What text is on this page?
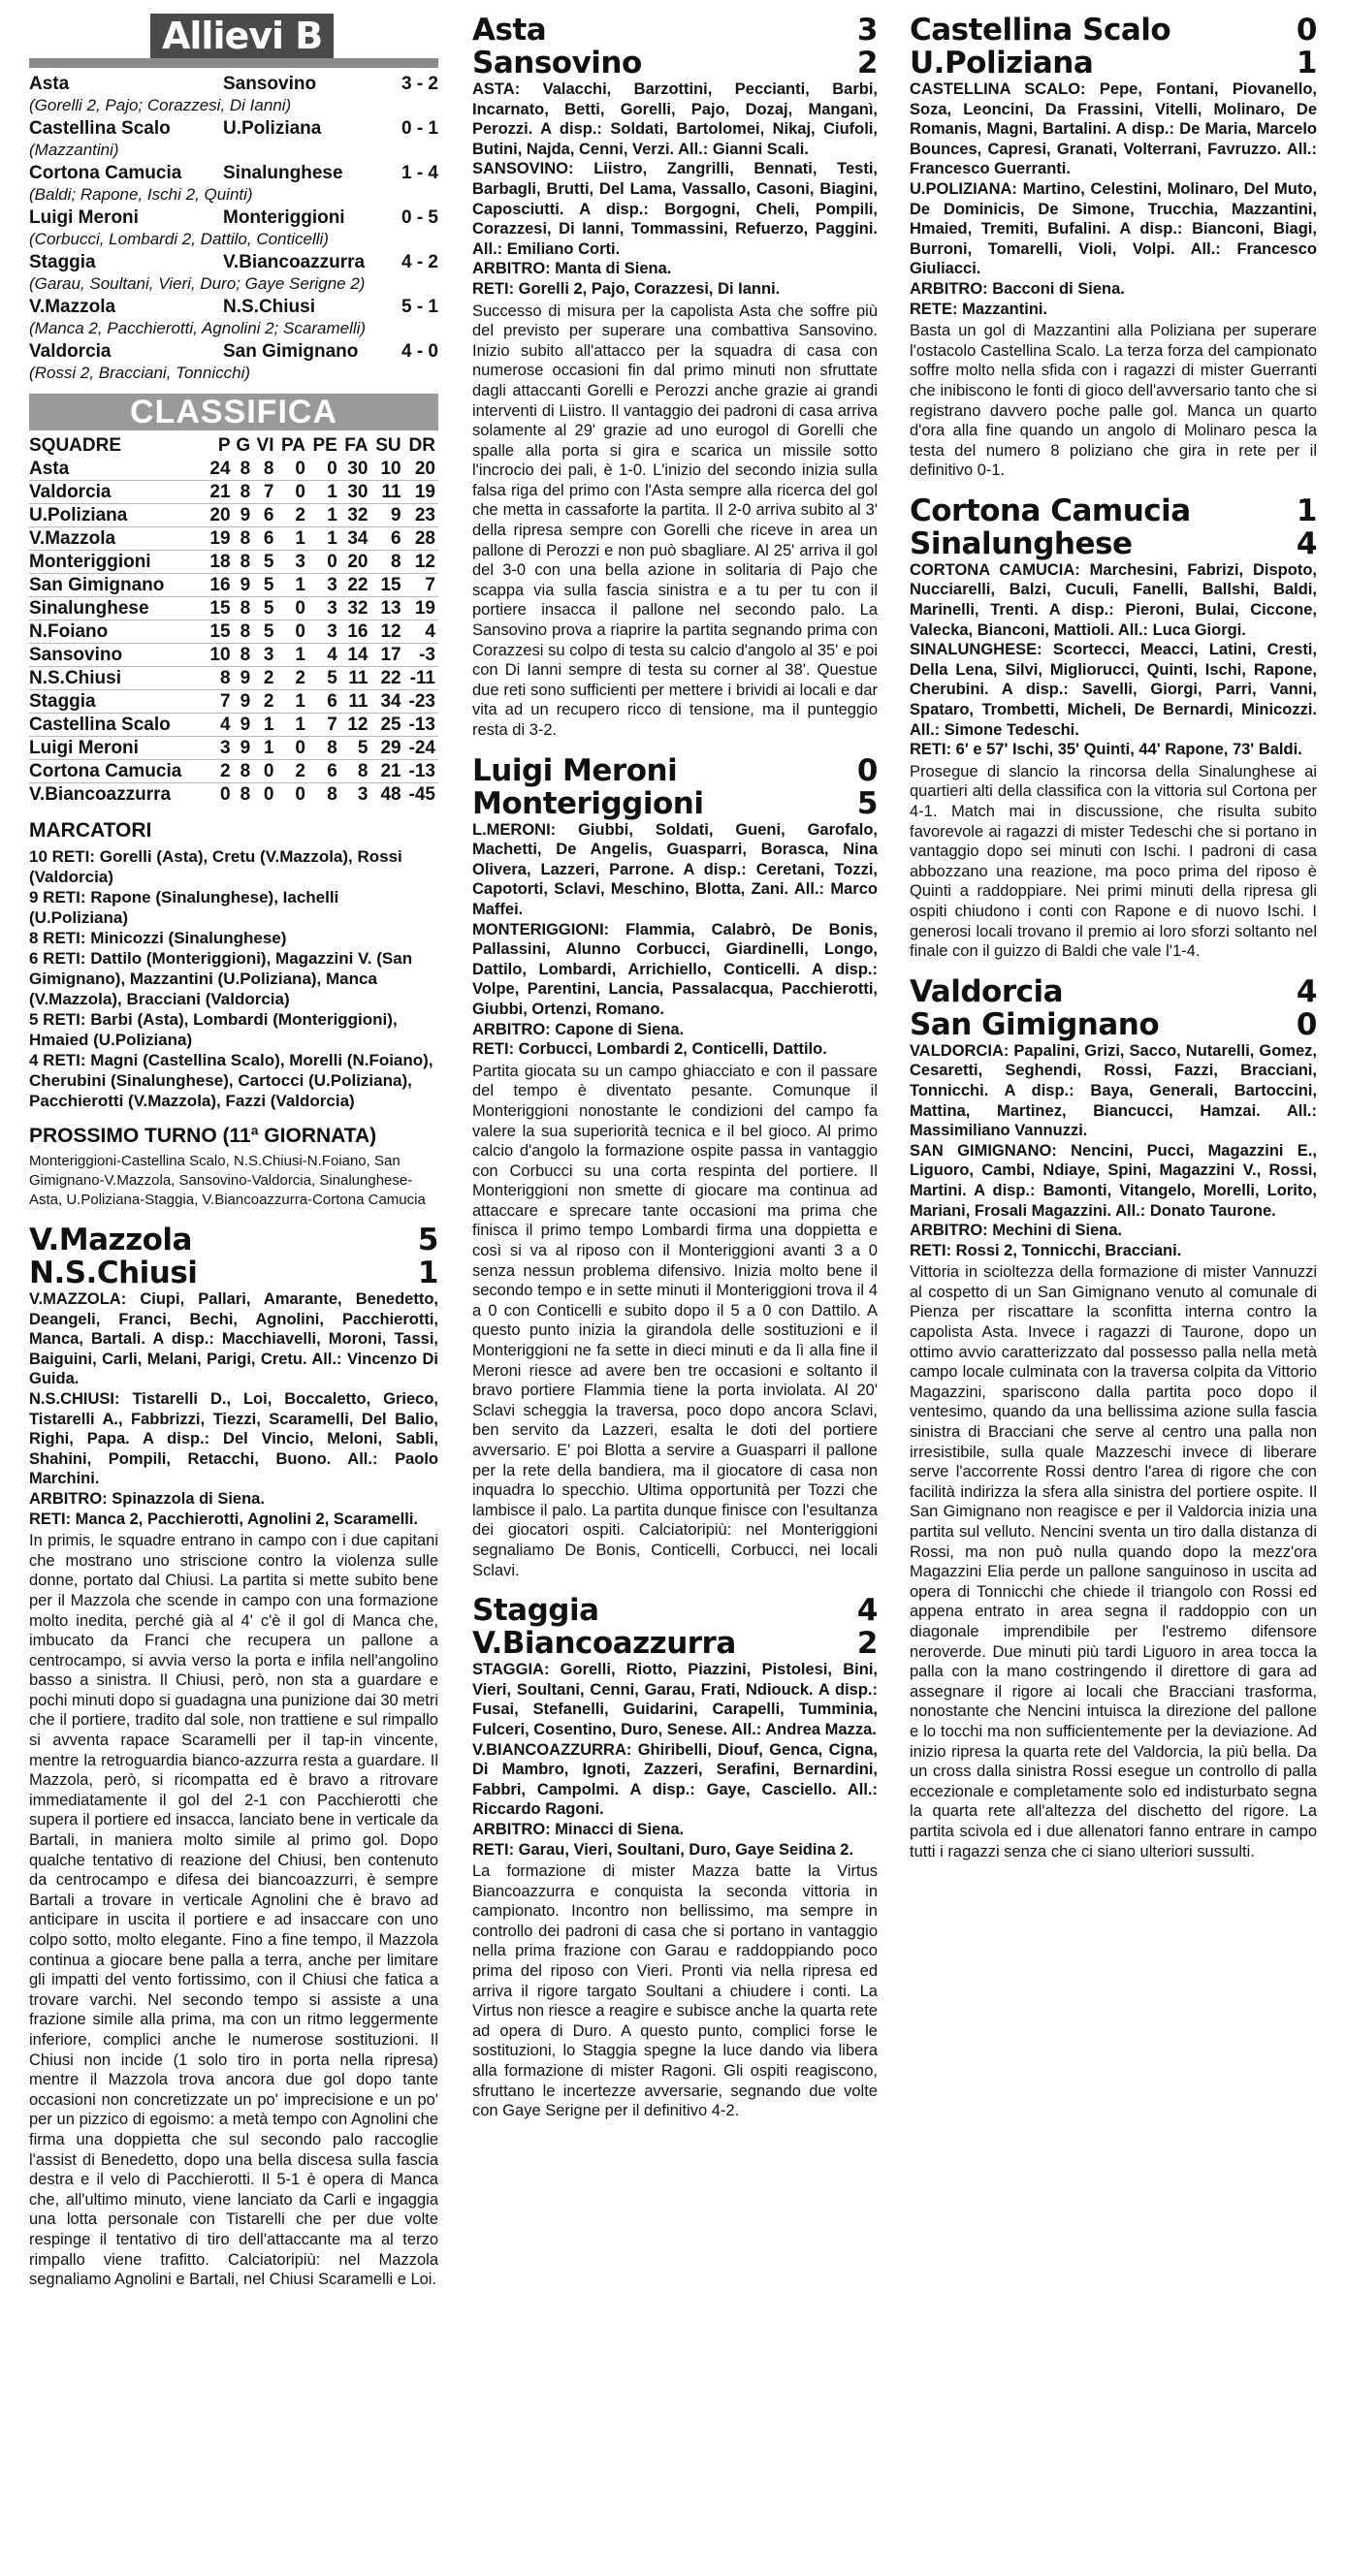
Allievi B
Asta	Sansovino	3 - 2
(Gorelli 2, Pajo; Corazzesi, Di Ianni)
Castellina Scalo	U.Poliziana	0 - 1
(Mazzantini)
Cortona Camucia	Sinalunghese	1 - 4
(Baldi; Rapone, Ischi 2, Quinti)
Luigi Meroni	Monteriggioni	0 - 5
(Corbucci, Lombardi 2, Dattilo, Conticelli)
Staggia	V.Biancoazzurra	4 - 2
(Garau, Soultani, Vieri, Duro; Gaye Serigne 2)
V.Mazzola	N.S.Chiusi	5 - 1
(Manca 2, Pacchierotti, Agnolini 2; Scaramelli)
Valdorcia	San Gimignano	4 - 0
(Rossi 2, Bracciani, Tonnicchi)
CLASSIFICA
SQUADRE	P	G	VI	PA	PE	FA	SU	DR
Asta	24	8	8	0	0	30	10	20
Valdorcia	21	8	7	0	1	30	11	19
U.Poliziana	20	9	6	2	1	32	9	23
V.Mazzola	19	8	6	1	1	34	6	28
Monteriggioni	18	8	5	3	0	20	8	12
San Gimignano	16	9	5	1	3	22	15	7
Sinalunghese	15	8	5	0	3	32	13	19
N.Foiano	15	8	5	0	3	16	12	4
Sansovino	10	8	3	1	4	14	17	-3
N.S.Chiusi	8	9	2	2	5	11	22	-11
Staggia	7	9	2	1	6	11	34	-23
Castellina Scalo	4	9	1	1	7	12	25	-13
Luigi Meroni	3	9	1	0	8	5	29	-24
Cortona Camucia	2	8	0	2	6	8	21	-13
V.Biancoazzurra	0	8	0	0	8	3	48	-45
MARCATORI

10 RETI: Gorelli (Asta), Cretu (V.Mazzola), Rossi (Valdorcia)

9 RETI: Rapone (Sinalunghese), Iachelli (U.Poliziana)

8 RETI: Minicozzi (Sinalunghese)

6 RETI: Dattilo (Monteriggioni), Magazzini V. (San Gimignano), Mazzantini (U.Poliziana), Manca (V.Mazzola), Bracciani (Valdorcia)

5 RETI: Barbi (Asta), Lombardi (Monteriggioni), Hmaied (U.Poliziana)

4 RETI: Magni (Castellina Scalo), Morelli (N.Foiano), Cherubini (Sinalunghese), Cartocci (U.Poliziana), Pacchierotti (V.Mazzola), Fazzi (Valdorcia)

PROSSIMO TURNO (11ª GIORNATA)

Monteriggioni-Castellina Scalo, N.S.Chiusi-N.Foiano, San Gimignano-V.Mazzola, Sansovino-Valdorcia, Sinalunghese-Asta, U.Poliziana-Staggia, V.Biancoazzurra-Cortona Camucia

V.Mazzola	5
N.S.Chiusi	1

V.MAZZOLA: Ciupi, Pallari, Amarante, Benedetto, Deangeli, Franci, Bechi, Agnolini, Pacchierotti, Manca, Bartali. A disp.: Macchiavelli, Moroni, Tassi, Baiguini, Carli, Melani, Parigi, Cretu. All.: Vincenzo Di Guida.

N.S.CHIUSI: Tistarelli D., Loi, Boccaletto, Grieco, Tistarelli A., Fabbrizzi, Tiezzi, Scaramelli, Del Balio, Righi, Papa. A disp.: Del Vincio, Meloni, Sabli, Shahini, Pompili, Retacchi, Buono. All.: Paolo Marchini.

ARBITRO: Spinazzola di Siena.

RETI: Manca 2, Pacchierotti, Agnolini 2, Scaramelli.

In primis, le squadre entrano in campo con i due capitani che mostrano uno striscione contro la violenza sulle donne, portato dal Chiusi. La partita si mette subito bene per il Mazzola che scende in campo con una formazione molto inedita, perché già al 4' c'è il gol di Manca che, imbucato da Franci che recupera un pallone a centrocampo, si avvia verso la porta e infila nell'angolino basso a sinistra. Il Chiusi, però, non sta a guardare e pochi minuti dopo si guadagna una punizione dai 30 metri che il portiere, tradito dal sole, non trattiene e sul rimpallo si avventa rapace Scaramelli per il tap-in vincente, mentre la retroguardia bianco-azzurra resta a guardare. Il Mazzola, però, si ricompatta ed è bravo a ritrovare immediatamente il gol del 2-1 con Pacchierotti che supera il portiere ed insacca, lanciato bene in verticale da Bartali, in maniera molto simile al primo gol. Dopo qualche tentativo di reazione del Chiusi, ben contenuto da centrocampo e difesa dei biancoazzurri, è sempre Bartali a trovare in verticale Agnolini che è bravo ad anticipare in uscita il portiere e ad insaccare con uno colpo sotto, molto elegante. Fino a fine tempo, il Mazzola continua a giocare bene palla a terra, anche per limitare gli impatti del vento fortissimo, con il Chiusi che fatica a trovare varchi. Nel secondo tempo si assiste a una frazione simile alla prima, ma con un ritmo leggermente inferiore, complici anche le numerose sostituzioni. Il Chiusi non incide (1 solo tiro in porta nella ripresa) mentre il Mazzola trova ancora due gol dopo tante occasioni non concretizzate un po' imprecisione e un po' per un pizzico di egoismo: a metà tempo con Agnolini che firma una doppietta che sul secondo palo raccoglie l'assist di Benedetto, dopo una bella discesa sulla fascia destra e il velo di Pacchierotti. Il 5-1 è opera di Manca che, all'ultimo minuto, viene lanciato da Carli e ingaggia una lotta personale con Tistarelli che per due volte respinge il tentativo di tiro dell'attaccante ma al terzo rimpallo viene trafitto. Calciatoripiù: nel Mazzola segnaliamo Agnolini e Bartali, nel Chiusi Scaramelli e Loi.

Asta	3
Sansovino	2

ASTA: Valacchi, Barzottini, Peccianti, Barbi, Incarnato, Betti, Gorelli, Pajo, Dozaj, Manganì, Perozzi. A disp.: Soldati, Bartolomei, Nikaj, Ciufoli, Butini, Najda, Cenni, Verzi. All.: Gianni Scali.

SANSOVINO: Liistro, Zangrilli, Bennati, Testi, Barbagli, Brutti, Del Lama, Vassallo, Casoni, Biagini, Caposciutti. A disp.: Borgogni, Cheli, Pompili, Corazzesi, Di Ianni, Tommassini, Refuerzo, Paggini. All.: Emiliano Corti.

ARBITRO: Manta di Siena.

RETI: Gorelli 2, Pajo, Corazzesi, Di Ianni.

Successo di misura per la capolista Asta che soffre più del previsto per superare una combattiva Sansovino. Inizio subito all'attacco per la squadra di casa con numerose occasioni fin dal primo minuti non sfruttate dagli attaccanti Gorelli e Perozzi anche grazie ai grandi interventi di Liistro. Il vantaggio dei padroni di casa arriva solamente al 29' grazie ad uno eurogol di Gorelli che spalle alla porta si gira e scarica un missile sotto l'incrocio dei pali, è 1-0. L'inizio del secondo inizia sulla falsa riga del primo con l'Asta sempre alla ricerca del gol che metta in cassaforte la partita. Il 2-0 arriva subito al 3' della ripresa sempre con Gorelli che riceve in area un pallone di Perozzi e non può sbagliare. Al 25' arriva il gol del 3-0 con una bella azione in solitaria di Pajo che scappa via sulla fascia sinistra e a tu per tu con il portiere insacca il pallone nel secondo palo. La Sansovino prova a riaprire la partita segnando prima con Corazzesi su colpo di testa su calcio d'angolo al 35' e poi con Di Ianni sempre di testa su corner al 38'. Questue due reti sono sufficienti per mettere i brividi ai locali e dar vita ad un recupero ricco di tensione, ma il punteggio resta di 3-2.

Luigi Meroni	0
Monteriggioni	5

L.MERONI: Giubbi, Soldati, Gueni, Garofalo, Machetti, De Angelis, Guasparri, Borasca, Nina Olivera, Lazzeri, Parrone. A disp.: Ceretani, Tozzi, Capotorti, Sclavi, Meschino, Blotta, Zani. All.: Marco Maffei.

MONTERIGGIONI: Flammia, Calabrò, De Bonis, Pallassini, Alunno Corbucci, Giardinelli, Longo, Dattilo, Lombardi, Arrichiello, Conticelli. A disp.: Volpe, Parentini, Lancia, Passalacqua, Pacchierotti, Giubbi, Ortenzi, Romano.

ARBITRO: Capone di Siena.

RETI: Corbucci, Lombardi 2, Conticelli, Dattilo.

Partita giocata su un campo ghiacciato e con il passare del tempo è diventato pesante. Comunque il Monteriggioni nonostante le condizioni del campo fa valere la sua superiorità tecnica e il bel gioco. Al primo calcio d'angolo la formazione ospite passa in vantaggio con Corbucci su una corta respinta del portiere. Il Monteriggioni non smette di giocare ma continua ad attaccare e sprecare tante occasioni ma prima che finisca il primo tempo Lombardi firma una doppietta e così si va al riposo con il Monteriggioni avanti 3 a 0 senza nessun problema difensivo. Inizia molto bene il secondo tempo e in sette minuti il Monteriggioni trova il 4 a 0 con Conticelli e subito dopo il 5 a 0 con Dattilo. A questo punto inizia la girandola delle sostituzioni e il Monteriggioni ne fa sette in dieci minuti e da lì alla fine il Meroni riesce ad avere ben tre occasioni e soltanto il bravo portiere Flammia tiene la porta inviolata. Al 20' Sclavi scheggia la traversa, poco dopo ancora Sclavi, ben servito da Lazzeri, esalta le doti del portiere avversario. E' poi Blotta a servire a Guasparri il pallone per la rete della bandiera, ma il giocatore di casa non inquadra lo specchio. Ultima opportunità per Tozzi che lambisce il palo. La partita dunque finisce con l'esultanza dei giocatori ospiti. Calciatoripiù: nel Monteriggioni segnaliamo De Bonis, Conticelli, Corbucci, nei locali Sclavi.

Staggia	4
V.Biancoazzurra	2

STAGGIA: Gorelli, Riotto, Piazzini, Pistolesi, Bini, Vieri, Soultani, Cenni, Garau, Frati, Ndiouck. A disp.: Fusai, Stefanelli, Guidarini, Carapelli, Tumminia, Fulceri, Cosentino, Duro, Senese. All.: Andrea Mazza.

V.BIANCOAZZURRA: Ghiribelli, Diouf, Genca, Cigna, Di Mambro, Ignoti, Zazzeri, Serafini, Bernardini, Fabbri, Campolmi. A disp.: Gaye, Casciello. All.: Riccardo Ragoni.

ARBITRO: Minacci di Siena.

RETI: Garau, Vieri, Soultani, Duro, Gaye Seidina 2.

La formazione di mister Mazza batte la Virtus Biancoazzurra e conquista la seconda vittoria in campionato. Incontro non bellissimo, ma sempre in controllo dei padroni di casa che si portano in vantaggio nella prima frazione con Garau e raddoppiando poco prima del riposo con Vieri. Pronti via nella ripresa ed arriva il rigore targato Soultani a chiudere i conti. La Virtus non riesce a reagire e subisce anche la quarta rete ad opera di Duro. A questo punto, complici forse le sostituzioni, lo Staggia spegne la luce dando via libera alla formazione di mister Ragoni. Gli ospiti reagiscono, sfruttano le incertezze avversarie, segnando due volte con Gaye Serigne per il definitivo 4-2.

Castellina Scalo	0
U.Poliziana	1

CASTELLINA SCALO: Pepe, Fontani, Piovanello, Soza, Leoncini, Da Frassini, Vitelli, Molinaro, De Romanis, Magni, Bartalini. A disp.: De Maria, Marcelo Bounces, Capresi, Granati, Volterrani, Favruzzo. All.: Francesco Guerranti.

U.POLIZIANA: Martino, Celestini, Molinaro, Del Muto, De Dominicis, De Simone, Trucchia, Mazzantini, Hmaied, Tremiti, Bufalini. A disp.: Bianconi, Biagi, Burroni, Tomarelli, Violi, Volpi. All.: Francesco Giuliacci.

ARBITRO: Bacconi di Siena.

RETE: Mazzantini.

Basta un gol di Mazzantini alla Poliziana per superare l'ostacolo Castellina Scalo. La terza forza del campionato soffre molto nella sfida con i ragazzi di mister Guerranti che inibiscono le fonti di gioco dell'avversario tanto che si registrano davvero poche palle gol. Manca un quarto d'ora alla fine quando un angolo di Molinaro pesca la testa del numero 8 poliziano che gira in rete per il definitivo 0-1.

Cortona Camucia	1
Sinalunghese	4

CORTONA CAMUCIA: Marchesini, Fabrizi, Dispoto, Nucciarelli, Balzi, Cuculi, Fanelli, Ballshi, Baldi, Marinelli, Trenti. A disp.: Pieroni, Bulai, Ciccone, Valecka, Bianconi, Mattioli. All.: Luca Giorgi.

SINALUNGHESE: Scortecci, Meacci, Latini, Cresti, Della Lena, Silvi, Migliorucci, Quinti, Ischi, Rapone, Cherubini. A disp.: Savelli, Giorgi, Parri, Vanni, Spataro, Trombetti, Micheli, De Bernardi, Minicozzi. All.: Simone Tedeschi.

RETI: 6' e 57' Ischi, 35' Quinti, 44' Rapone, 73' Baldi.

Prosegue di slancio la rincorsa della Sinalunghese ai quartieri alti della classifica con la vittoria sul Cortona per 4-1. Match mai in discussione, che risulta subito favorevole ai ragazzi di mister Tedeschi che si portano in vantaggio dopo sei minuti con Ischi. I padroni di casa abbozzano una reazione, ma poco prima del riposo è Quinti a raddoppiare. Nei primi minuti della ripresa gli ospiti chiudono i conti con Rapone e di nuovo Ischi. I generosi locali trovano il premio ai loro sforzi soltanto nel finale con il guizzo di Baldi che vale l'1-4.

Valdorcia	4
San Gimignano	0

VALDORCIA: Papalini, Grizi, Sacco, Nutarelli, Gomez, Cesaretti, Seghendi, Rossi, Fazzi, Bracciani, Tonnicchi. A disp.: Baya, Generali, Bartoccini, Mattina, Martinez, Biancucci, Hamzai. All.: Massimiliano Vannuzzi.

SAN GIMIGNANO: Nencini, Pucci, Magazzini E., Liguoro, Cambi, Ndiaye, Spini, Magazzini V., Rossi, Martini. A disp.: Bamonti, Vitangelo, Morelli, Lorito, Mariani, Frosali Magazzini. All.: Donato Taurone.

ARBITRO: Mechini di Siena.

RETI: Rossi 2, Tonnicchi, Bracciani.

Vittoria in scioltezza della formazione di mister Vannuzzi al cospetto di un San Gimignano venuto al comunale di Pienza per riscattare la sconfitta interna contro la capolista Asta. Invece i ragazzi di Taurone, dopo un ottimo avvio caratterizzato dal possesso palla nella metà campo locale culminata con la traversa colpita da Vittorio Magazzini, spariscono dalla partita poco dopo il ventesimo, quando da una bellissima azione sulla fascia sinistra di Bracciani che serve al centro una palla non irresistibile, sulla quale Mazzeschi invece di liberare serve l'accorrente Rossi dentro l'area di rigore che con facilità indirizza la sfera alla sinistra del portiere ospite. Il San Gimignano non reagisce e per il Valdorcia inizia una partita sul velluto. Nencini sventa un tiro dalla distanza di Rossi, ma non può nulla quando dopo la mezz'ora Magazzini Elia perde un pallone sanguinoso in uscita ad opera di Tonnicchi che chiede il triangolo con Rossi ed appena entrato in area segna il raddoppio con un diagonale imprendibile per l'estremo difensore neroverde. Due minuti più tardi Liguoro in area tocca la palla con la mano costringendo il direttore di gara ad assegnare il rigore ai locali che Bracciani trasforma, nonostante che Nencini intuisca la direzione del pallone e lo tocchi ma non sufficientemente per la deviazione. Ad inizio ripresa la quarta rete del Valdorcia, la più bella. Da un cross dalla sinistra Rossi esegue un controllo di palla eccezionale e completamente solo ed indisturbato segna la quarta rete all'altezza del dischetto del rigore. La partita scivola ed i due allenatori fanno entrare in campo tutti i ragazzi senza che ci siano ulteriori sussulti.
